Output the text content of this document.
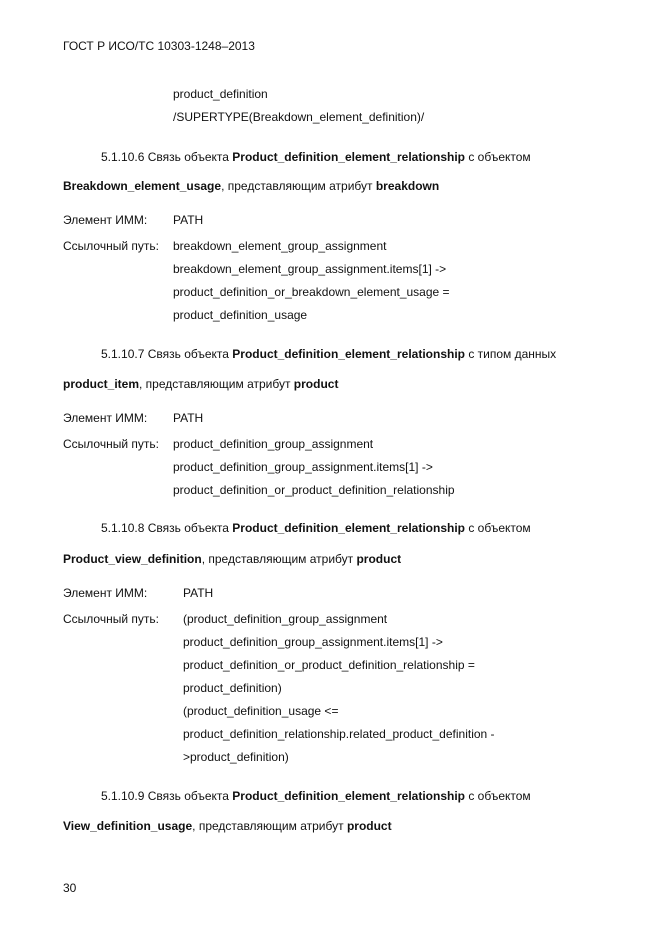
ГОСТ Р ИСО/ТС 10303-1248–2013
product_definition
/SUPERTYPE(Breakdown_element_definition)/
5.1.10.6 Связь объекта Product_definition_element_relationship с объектом
Breakdown_element_usage, представляющим атрибут breakdown
Элемент ИММ: PATH
Ссылочный путь: breakdown_element_group_assignment
breakdown_element_group_assignment.items[1] ->
product_definition_or_breakdown_element_usage =
product_definition_usage
5.1.10.7 Связь объекта Product_definition_element_relationship с типом данных
product_item, представляющим атрибут product
Элемент ИММ: PATH
Ссылочный путь: product_definition_group_assignment
product_definition_group_assignment.items[1] ->
product_definition_or_product_definition_relationship
5.1.10.8 Связь объекта Product_definition_element_relationship с объектом
Product_view_definition, представляющим атрибут product
Элемент ИММ:	PATH
Ссылочный путь: (product_definition_group_assignment
product_definition_group_assignment.items[1] ->
product_definition_or_product_definition_relationship =
product_definition)
(product_definition_usage <=
product_definition_relationship.related_product_definition -
>product_definition)
5.1.10.9 Связь объекта Product_definition_element_relationship с объектом
View_definition_usage, представляющим атрибут product
30
